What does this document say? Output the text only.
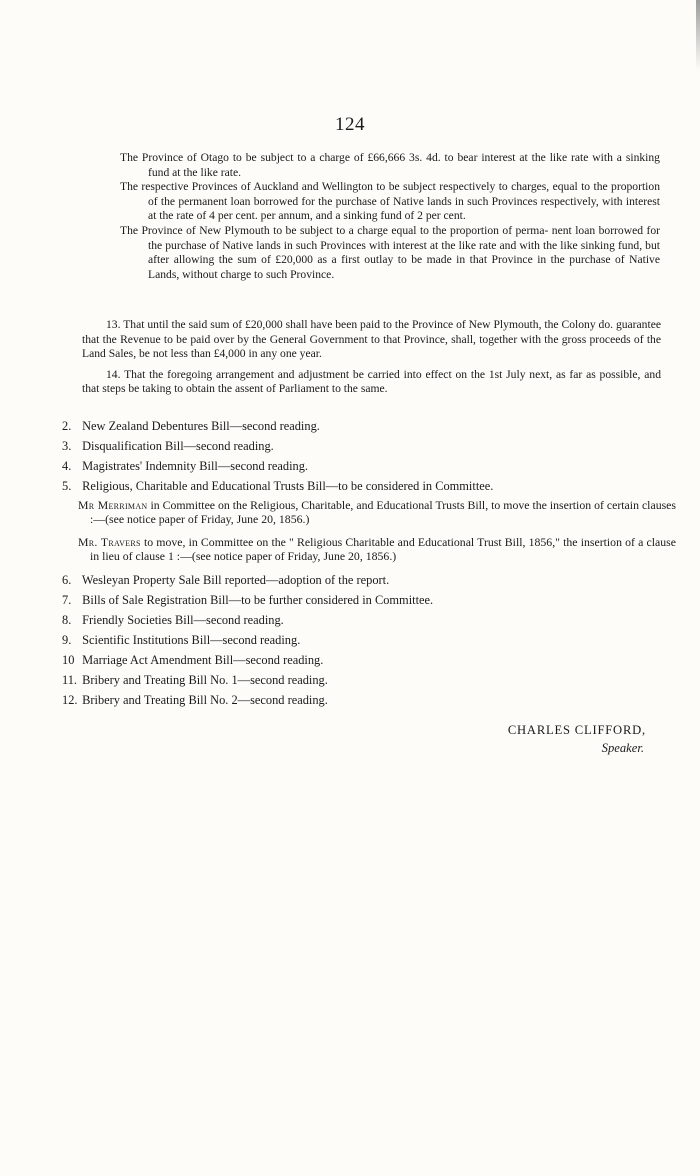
124
The Province of Otago to be subject to a charge of £66,666 3s. 4d. to bear interest at the like rate with a sinking fund at the like rate.
The respective Provinces of Auckland and Wellington to be subject respectively to charges, equal to the proportion of the permanent loan borrowed for the purchase of Native lands in such Provinces respectively, with interest at the rate of 4 per cent. per annum, and a sinking fund of 2 per cent.
The Province of New Plymouth to be subject to a charge equal to the proportion of perma- nent loan borrowed for the purchase of Native lands in such Provinces with interest at the like rate and with the like sinking fund, but after allowing the sum of £20,000 as a first outlay to be made in that Province in the purchase of Native Lands, without charge to such Province.

13. That until the said sum of £20,000 shall have been paid to the Province of New Plymouth, the Colony do. guarantee that the Revenue to be paid over by the General Government to that Province, shall, together with the gross proceeds of the Land Sales, be not less than £4,000 in any one year.

14. That the foregoing arrangement and adjustment be carried into effect on the 1st July next, as far as possible, and that steps be taking to obtain the assent of Parliament to the same.

2. New Zealand Debentures Bill—second reading.
3. Disqualification Bill—second reading.
4. Magistrates' Indemnity Bill—second reading.
5. Religious, Charitable and Educational Trusts Bill—to be considered in Committee.
Mr Merriman in Committee on the Religious, Charitable, and Educational Trusts Bill, to move the insertion of certain clauses :—(see notice paper of Friday, June 20, 1856.)
Mr. Travers to move, in Committee on the " Religious Charitable and Educational Trust Bill, 1856," the insertion of a clause in lieu of clause 1 :—(see notice paper of Friday, June 20, 1856.)
6. Wesleyan Property Sale Bill reported—adoption of the report.
7. Bills of Sale Registration Bill—to be further considered in Committee.
8. Friendly Societies Bill—second reading.
9. Scientific Institutions Bill—second reading.
10 Marriage Act Amendment Bill—second reading.
11. Bribery and Treating Bill No. 1—second reading.
12. Bribery and Treating Bill No. 2—second reading.
CHARLES CLIFFORD,
Speaker.
